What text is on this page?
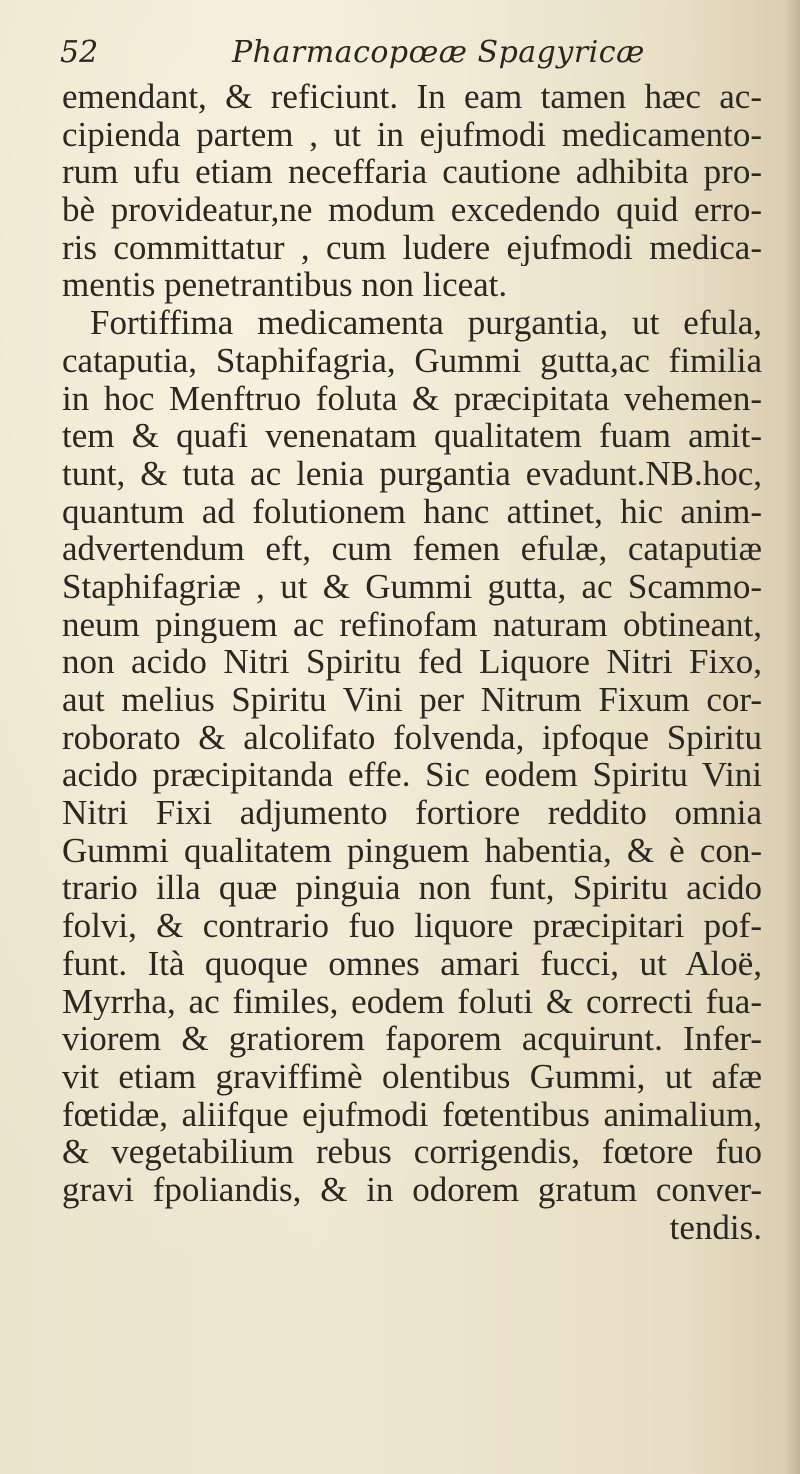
52	Pharmacopœæ Spagyricæ
emendant, & reficiunt. In eam tamen hæc ac-
cipienda partem , ut in ejufmodi medicamento-
rum ufu etiam neceffaria cautione adhibita pro-
bè provideatur,ne modum excedendo quid erro-
ris committatur , cum ludere ejufmodi medica-
mentis penetrantibus non liceat.
Fortiffima medicamenta purgantia, ut efula,
cataputia, Staphifagria, Gummi gutta,ac fimilia
in hoc Menftruo foluta & præcipitata vehemen-
tem & quafi venenatam qualitatem fuam amit-
tunt, & tuta ac lenia purgantia evadunt.NB.hoc,
quantum ad folutionem hanc attinet, hic anim-
advertendum eft, cum femen efulæ, cataputiæ
Staphifagriæ , ut & Gummi gutta, ac Scammo-
neum pinguem ac refinofam naturam obtineant,
non acido Nitri Spiritu fed Liquore Nitri Fixo,
aut melius Spiritu Vini per Nitrum Fixum cor-
roborato & alcolifato folvenda, ipfoque Spiritu
acido præcipitanda effe. Sic eodem Spiritu Vini
Nitri Fixi adjumento fortiore reddito omnia
Gummi qualitatem pinguem habentia, & è con-
trario illa quæ pinguia non funt, Spiritu acido
folvi, & contrario fuo liquore præcipitari pof-
funt. Ità quoque omnes amari fucci, ut Aloë,
Myrrha, ac fimiles, eodem foluti & correcti fua-
viorem & gratiorem faporem acquirunt. Infer-
vit etiam graviffimè olentibus Gummi, ut afæ
fœtidæ, aliifque ejufmodi fœtentibus animalium,
& vegetabilium rebus corrigendis, fœtore fuo
gravi fpoliandis, & in odorem gratum conver-
tendis.
